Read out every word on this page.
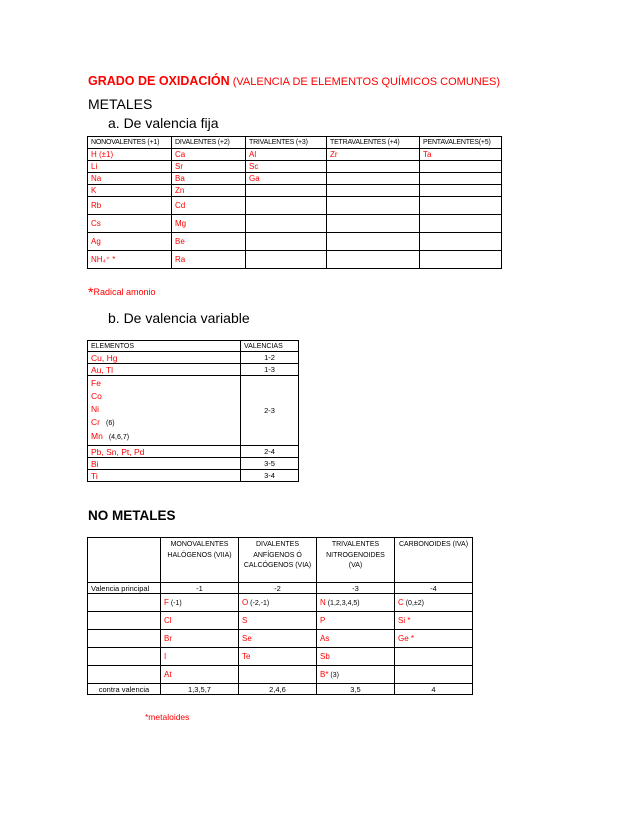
GRADO DE OXIDACIÓN (VALENCIA DE ELEMENTOS QUÍMICOS COMUNES)
METALES
a. De valencia fija
NONOVALENTES (+1)	DIVALENTES (+2)	TRIVALENTES (+3)	TETRAVALENTES (+4)	PENTAVALENTES(+5)
H (±1)	Ca	Al	Zr	Ta
Li	Sr	Sc		
Na	Ba	Ga		
K	Zn			
Rb	Cd			
Cs	Mg			
Ag	Be			
NH₄⁺ *	Ra			
*Radical amonio
b. De valencia variable
ELEMENTOS	VALENCIAS
Cu, Hg	1-2
Au, Tl	1-3

Fe
Co
Ni
Cr (6)
Mn (4,6,7)	2-3
Pb, Sn, Pt, Pd	2-4
Bi	3-5
Ti	3-4
NO METALES
	MONOVALENTES HALÓGENOS (VIIA)	DIVALENTES ANFÍGENOS Ó CALCÓGENOS (VIA)	TRIVALENTES NITROGENOIDES (VA)	CARBONOIDES (IVA)
Valencia principal	-1	-2	-3	-4
	F (-1)	O (-2,-1)	N (1,2,3,4,5)	C (0,±2)
	Cl	S	P	Si *
	Br	Se	As	Ge *
	I	Te	Sb	
	At		B* (3)	
contra valencia	1,3,5,7	2,4,6	3,5	4
*metaloides
